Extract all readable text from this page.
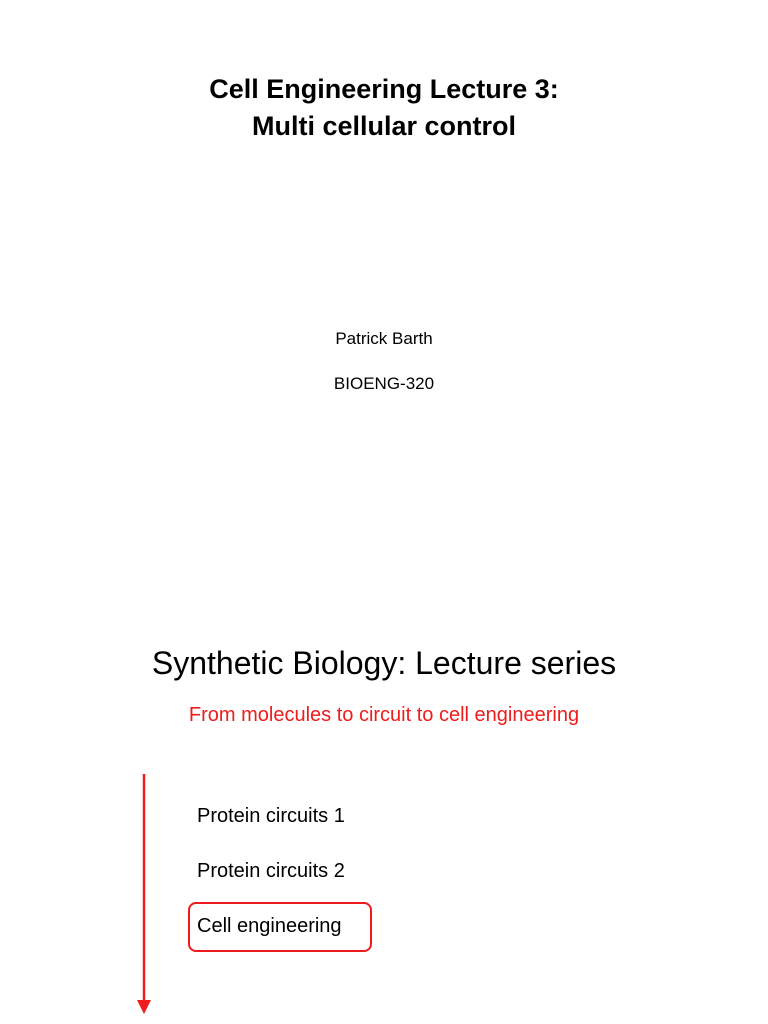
Cell Engineering Lecture 3:
Multi cellular control
Patrick Barth
BIOENG-320
Synthetic Biology: Lecture series
From molecules to circuit to cell engineering
Protein circuits 1
Protein circuits 2
Cell engineering
